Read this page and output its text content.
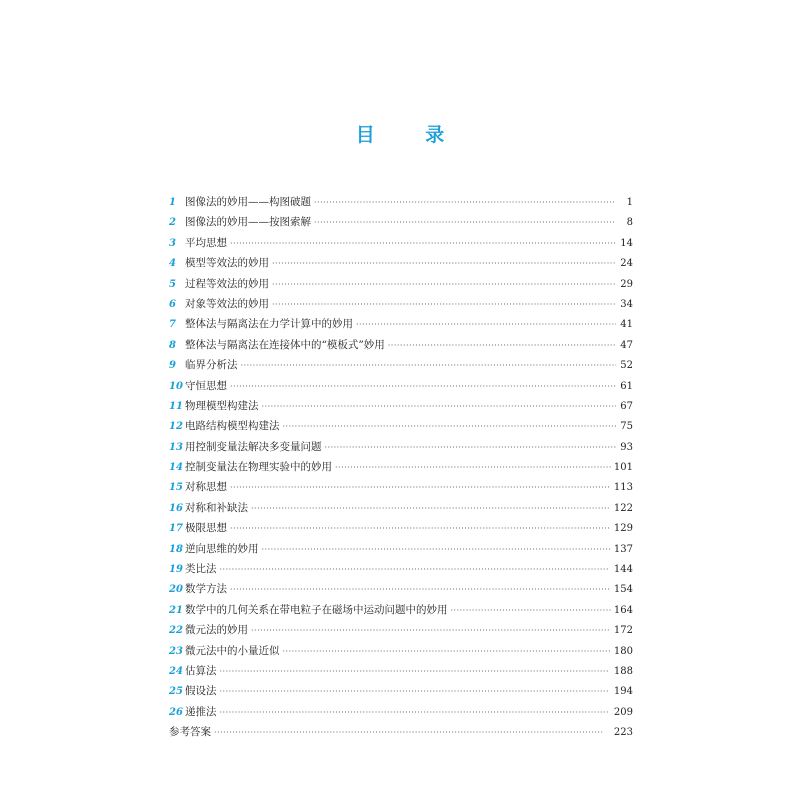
目 录
1 图像法的妙用——构图破题 ·····	1
2 图像法的妙用——按图索解 ·····	8
3 平均思想 ·····	14
4 模型等效法的妙用 ·····	24
5 过程等效法的妙用 ·····	29
6 对象等效法的妙用 ·····	34
7 整体法与隔离法在力学计算中的妙用 ·····	41
8 整体法与隔离法在连接体中的“模板式”妙用 ·····	47
9 临界分析法 ·····	52
10 守恒思想 ·····	61
11 物理模型构建法 ·····	67
12 电路结构模型构建法 ·····	75
13 用控制变量法解决多变量问题 ·····	93
14 控制变量法在物理实验中的妙用 ·····	101
15 对称思想 ·····	113
16 对称和补缺法 ·····	122
17 极限思想 ·····	129
18 逆向思维的妙用 ·····	137
19 类比法 ·····	144
20 数学方法 ·····	154
21 数学中的几何关系在带电粒子在磁场中运动问题中的妙用 ·····	164
22 微元法的妙用 ·····	172
23 微元法中的小量近似 ·····	180
24 估算法 ·····	188
25 假设法 ·····	194
26 递推法 ·····	209
参考答案 ·····	223
